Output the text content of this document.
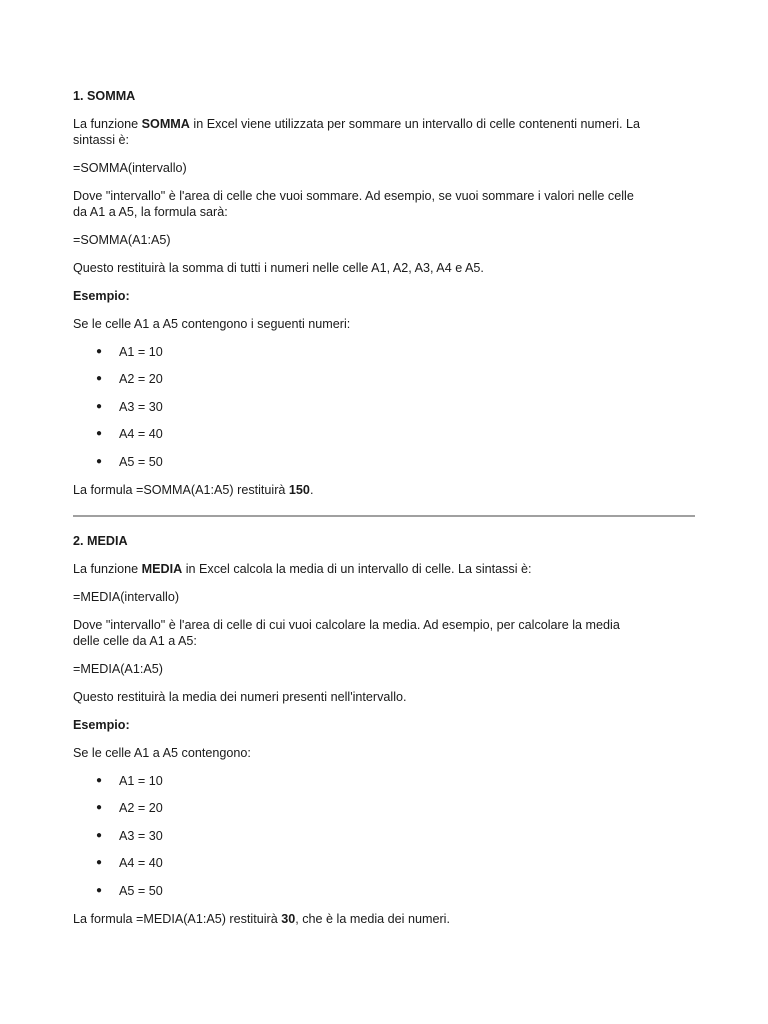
1. SOMMA

La funzione SOMMA in Excel viene utilizzata per sommare un intervallo di celle contenenti numeri. La
sintassi è:

=SOMMA(intervallo)

Dove "intervallo" è l'area di celle che vuoi sommare. Ad esempio, se vuoi sommare i valori nelle celle
da A1 a A5, la formula sarà:

=SOMMA(A1:A5)

Questo restituirà la somma di tutti i numeri nelle celle A1, A2, A3, A4 e A5.

Esempio:

Se le celle A1 a A5 contengono i seguenti numeri:

● A1 = 10
● A2 = 20
● A3 = 30
● A4 = 40
● A5 = 50

La formula =SOMMA(A1:A5) restituirà 150.

2. MEDIA

La funzione MEDIA in Excel calcola la media di un intervallo di celle. La sintassi è:

=MEDIA(intervallo)

Dove "intervallo" è l'area di celle di cui vuoi calcolare la media. Ad esempio, per calcolare la media
delle celle da A1 a A5:

=MEDIA(A1:A5)

Questo restituirà la media dei numeri presenti nell'intervallo.

Esempio:

Se le celle A1 a A5 contengono:

● A1 = 10
● A2 = 20
● A3 = 30
● A4 = 40
● A5 = 50

La formula =MEDIA(A1:A5) restituirà 30, che è la media dei numeri.
